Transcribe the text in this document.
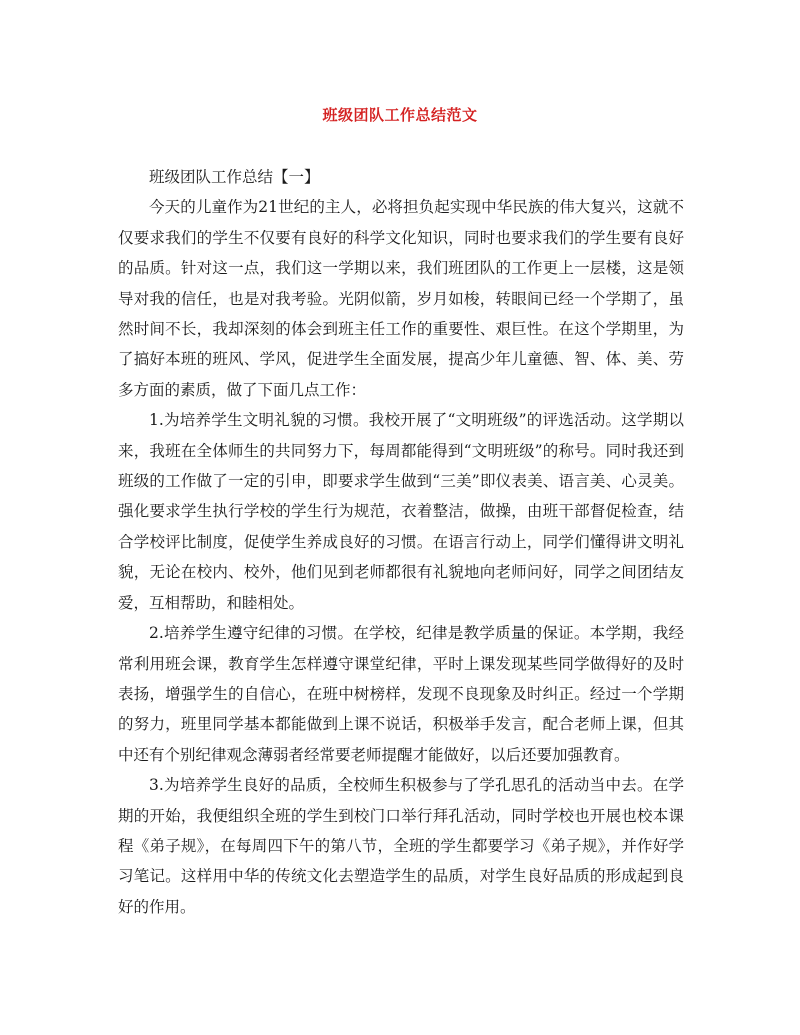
班级团队工作总结范文

班级团队工作总结【一】

今天的儿童作为21世纪的主人，必将担负起实现中华民族的伟大复兴，这就不仅要求我们的学生不仅要有良好的科学文化知识，同时也要求我们的学生要有良好的品质。针对这一点，我们这一学期以来，我们班团队的工作更上一层楼，这是领导对我的信任，也是对我考验。光阴似箭，岁月如梭，转眼间已经一个学期了，虽然时间不长，我却深刻的体会到班主任工作的重要性、艰巨性。在这个学期里，为了搞好本班的班风、学风，促进学生全面发展，提高少年儿童德、智、体、美、劳多方面的素质，做了下面几点工作：

1.为培养学生文明礼貌的习惯。我校开展了“文明班级”的评选活动。这学期以来，我班在全体师生的共同努力下，每周都能得到“文明班级”的称号。同时我还到班级的工作做了一定的引申，即要求学生做到“三美”即仪表美、语言美、心灵美。强化要求学生执行学校的学生行为规范，衣着整洁，做操，由班干部督促检查，结合学校评比制度，促使学生养成良好的习惯。在语言行动上，同学们懂得讲文明礼貌，无论在校内、校外，他们见到老师都很有礼貌地向老师问好，同学之间团结友爱，互相帮助，和睦相处。

2.培养学生遵守纪律的习惯。在学校，纪律是教学质量的保证。本学期，我经常利用班会课，教育学生怎样遵守课堂纪律，平时上课发现某些同学做得好的及时表扬，增强学生的自信心，在班中树榜样，发现不良现象及时纠正。经过一个学期的努力，班里同学基本都能做到上课不说话，积极举手发言，配合老师上课，但其中还有个别纪律观念薄弱者经常要老师提醒才能做好，以后还要加强教育。

3.为培养学生良好的品质，全校师生积极参与了学孔思孔的活动当中去。在学期的开始，我便组织全班的学生到校门口举行拜孔活动，同时学校也开展也校本课程《弟子规》，在每周四下午的第八节，全班的学生都要学习《弟子规》，并作好学习笔记。这样用中华的传统文化去塑造学生的品质，对学生良好品质的形成起到良好的作用。
